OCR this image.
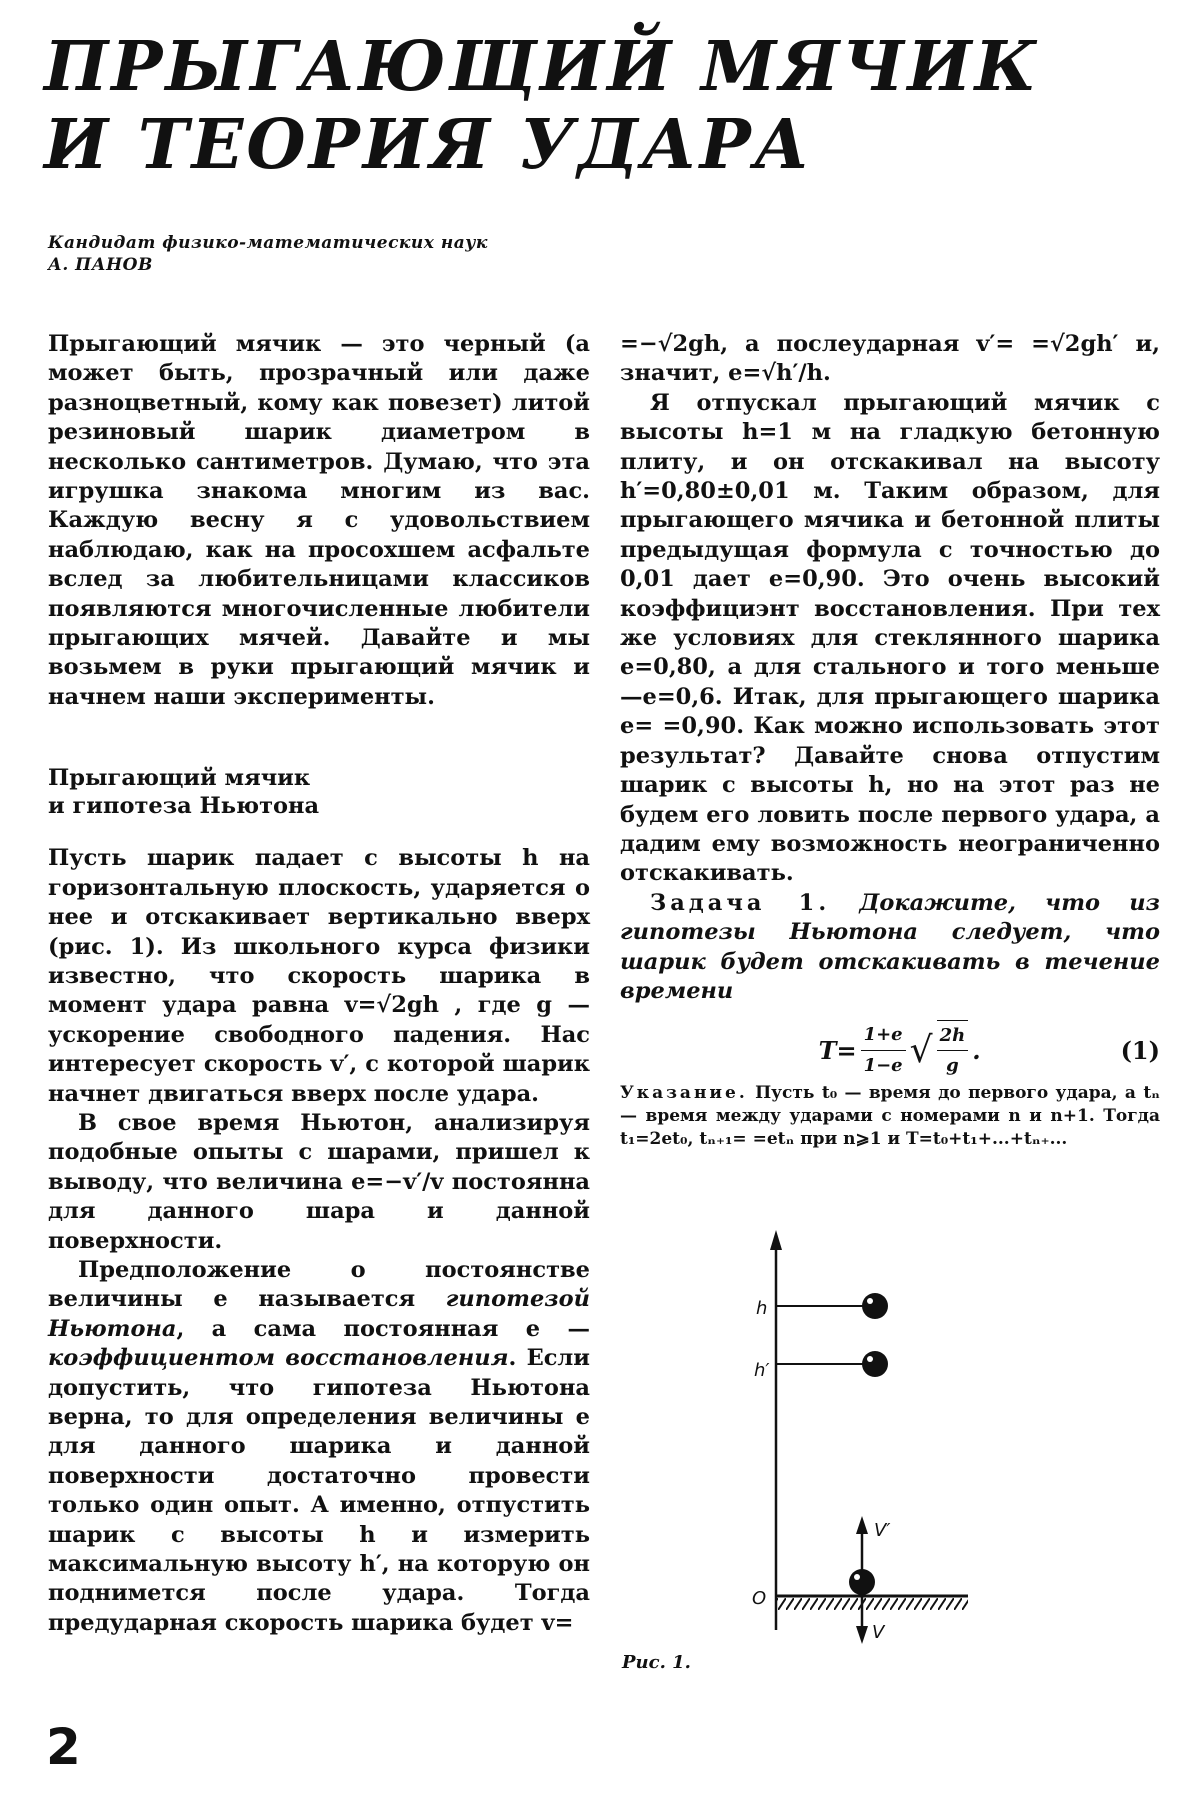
ПРЫГАЮЩИЙ МЯЧИК
И ТЕОРИЯ УДАРА
Кандидат физико-математических наук
А. ПАНОВ

Прыгающий мячик — это черный (а может быть, прозрачный или даже разноцветный, кому как повезет) литой резиновый шарик диаметром в несколько сантиметров. Думаю, что эта игрушка знакома многим из вас. Каждую весну я с удовольствием наблюдаю, как на просохшем асфальте вслед за любительницами классиков появляются многочисленные любители прыгающих мячей. Давайте и мы возьмем в руки прыгающий мячик и начнем наши эксперименты.

Прыгающий мячик
и гипотеза Ньютона

Пусть шарик падает с высоты h на горизонтальную плоскость, ударяется о нее и отскакивает вертикально вверх (рис. 1). Из школьного курса физики известно, что скорость шарика в момент удара равна v=√2gh , где g — ускорение свободного падения. Нас интересует скорость v′, с которой шарик начнет двигаться вверх после удара.

В свое время Ньютон, анализируя подобные опыты с шарами, пришел к выводу, что величина e=−v′/v постоянна для данного шара и данной поверхности.

Предположение о постоянстве величины e называется гипотезой Ньютона, а сама постоянная e — коэффициентом восстановления. Если допустить, что гипотеза Ньютона верна, то для определения величины e для данного шарика и данной поверхности достаточно провести только один опыт. А именно, отпустить шарик с высоты h и измерить максимальную высоту h′, на которую он поднимется после удара. Тогда предударная скорость шарика будет v=

=−√2gh, а послеударная v′= =√2gh′ и, значит, e=√h′/h.

Я отпускал прыгающий мячик с высоты h=1 м на гладкую бетонную плиту, и он отскакивал на высоту h′=0,80±0,01 м. Таким образом, для прыгающего мячика и бетонной плиты предыдущая формула с точностью до 0,01 дает e=0,90. Это очень высокий коэффициэнт восстановления. При тех же условиях для стеклянного шарика e=0,80, а для стального и того меньше —e=0,6. Итак, для прыгающего шарика e= =0,90. Как можно использовать этот результат? Давайте снова отпустим шарик с высоты h, но на этот раз не будем его ловить после первого удара, а дадим ему возможность неограниченно отскакивать.

Задача 1. Докажите, что из гипотезы Ньютона следует, что шарик будет отскакивать в течение времени

$T= \frac{1+e}{1-e}$ √ $\frac{2h}{g}$ .	(1)

Указание. Пусть t₀ — время до первого удара, а tₙ — время между ударами с номерами n и n+1. Тогда t₁=2et₀, tₙ₊₁= =etₙ при n⩾1 и T=t₀+t₁+...+tₙ₊...

h
h′
O
V′
V
Рис. 1.
2
